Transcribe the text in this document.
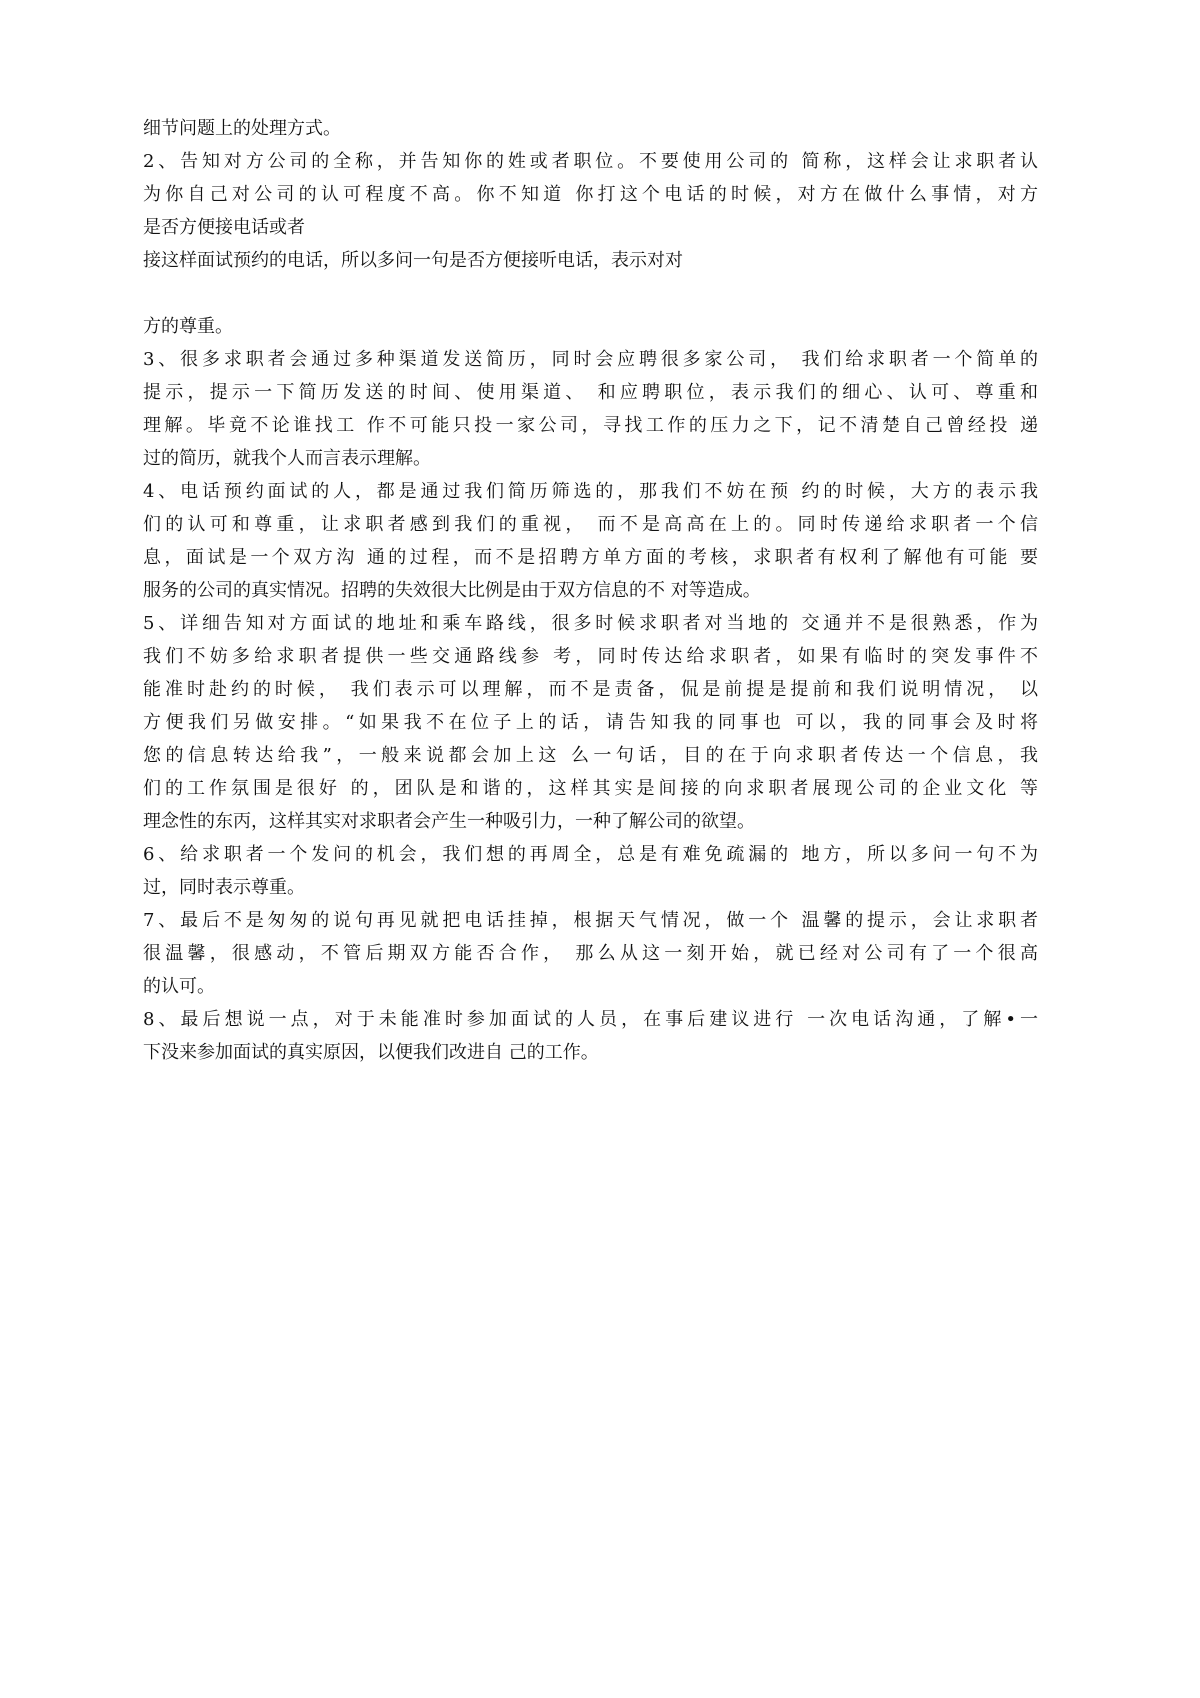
细节问题上的处理方式。
2、告知对方公司的全称，并告知你的姓或者职位。不要使用公司的 简称，这样会让求职者认
为你自己对公司的认可程度不高。你不知道 你打这个电话的时候，对方在做什么事情，对方
是否方便接电话或者
接这样面试预约的电话，所以多问一句是否方便接听电话，表示对对
方的尊重。
3、很多求职者会通过多种渠道发送简历，同时会应聘很多家公司， 我们给求职者一个简单的
提示，提示一下简历发送的时间、使用渠道、 和应聘职位，表示我们的细心、认可、尊重和
理解。毕竟不论谁找工 作不可能只投一家公司，寻找工作的压力之下，记不清楚自己曾经投 递
过的简历，就我个人而言表示理解。
4、电话预约面试的人，都是通过我们简历筛选的，那我们不妨在预 约的时候，大方的表示我
们的认可和尊重，让求职者感到我们的重视， 而不是高高在上的。同时传递给求职者一个信
息，面试是一个双方沟 通的过程，而不是招聘方单方面的考核，求职者有权利了解他有可能 要
服务的公司的真实情况。招聘的失效很大比例是由于双方信息的不 对等造成。
5、详细告知对方面试的地址和乘车路线，很多时候求职者对当地的 交通并不是很熟悉，作为
我们不妨多给求职者提供一些交通路线参 考，同时传达给求职者，如果有临时的突发事件不
能准时赴约的时候， 我们表示可以理解，而不是责备，侃是前提是提前和我们说明情况， 以
方便我们另做安排。“如果我不在位子上的话，请告知我的同事也 可以，我的同事会及时将
您的信息转达给我”，一般来说都会加上这 么一句话，目的在于向求职者传达一个信息，我
们的工作氛围是很好 的，团队是和谐的，这样其实是间接的向求职者展现公司的企业文化 等
理念性的东丙，这样其实对求职者会产生一种吸引力，一种了解公司的欲望。
6、给求职者一个发问的机会，我们想的再周全，总是有难免疏漏的 地方，所以多问一句不为
过，同时表示尊重。
7、最后不是匆匆的说句再见就把电话挂掉，根据天气情况，做一个 温馨的提示，会让求职者
很温馨，很感动，不管后期双方能否合作， 那么从这一刻开始，就已经对公司有了一个很高
的认可。
8、最后想说一点，对于未能准时参加面试的人员，在事后建议进行 一次电话沟通，了解•一
下没来参加面试的真实原因，以便我们改进自 己的工作。
